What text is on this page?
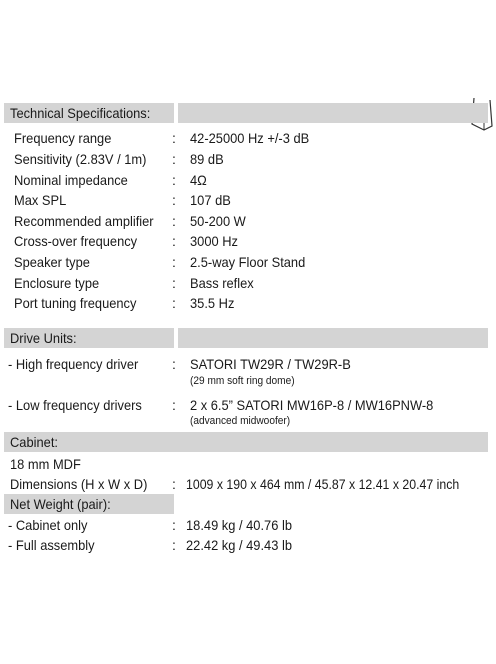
Technical Specifications:
Frequency range	: 42-25000 Hz +/-3 dB
Sensitivity (2.83V / 1m) : 89 dB
Nominal impedance	: 4Ω
Max SPL	: 107 dB
Recommended amplifier : 50-200 W
Cross-over frequency : 3000 Hz
Speaker type	: 2.5-way Floor Stand
Enclosure type	: Bass reflex
Port tuning frequency	: 35.5 Hz
Drive Units:
- High frequency driver : SATORI TW29R / TW29R-B
(29 mm soft ring dome)
- Low frequency drivers : 2 x 6.5” SATORI MW16P-8 / MW16PNW-8
(advanced midwoofer)
Cabinet:
18 mm MDF
Dimensions (H x W x D) : 1009 x 190 x 464 mm / 45.87 x 12.41 x 20.47 inch
Net Weight (pair):
- Cabinet only	: 18.49 kg / 40.76 lb
- Full assembly	: 22.42 kg / 49.43 lb
